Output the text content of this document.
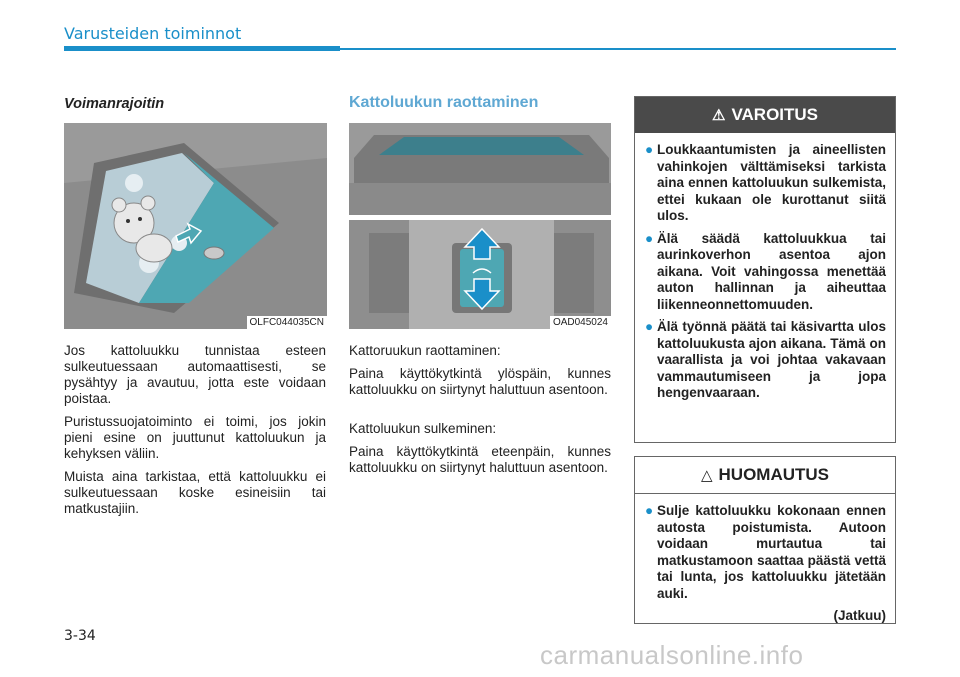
Varusteiden toiminnot
Voimanrajoitin
OLFC044035CN

Jos kattoluukku tunnistaa esteen sulkeutuessaan automaattisesti, se pysähtyy ja avautuu, jotta este voidaan poistaa.

Puristussuojatoiminto ei toimi, jos jokin pieni esine on juuttunut kattoluukun ja kehyksen väliin.

Muista aina tarkistaa, että kattoluukku ei sulkeutuessaan koske esineisiin tai matkustajiin.

Kattoluukun raottaminen
OAD045024

Kattoruukun raottaminen:

Paina käyttökytkintä ylöspäin, kunnes kattoluukku on siirtynyt haluttuun asentoon.

Kattoluukun sulkeminen:

Paina käyttökytkintä eteenpäin, kunnes kattoluukku on siirtynyt haluttuun asentoon.

⚠ VAROITUS
● Loukkaantumisten ja aineellisten vahinkojen välttämiseksi tarkista aina ennen kattoluukun sulkemista, ettei kukaan ole kurottanut siitä ulos.
● Älä säädä kattoluukkua tai aurinkoverhon asentoa ajon aikana. Voit vahingossa menettää auton hallinnan ja aiheuttaa liikenneonnettomuuden.
● Älä työnnä päätä tai käsivartta ulos kattoluukusta ajon aikana. Tämä on vaarallista ja voi johtaa vakavaan vammautumiseen ja jopa hengenvaaraan.
△ HUOMAUTUS
● Sulje kattoluukku kokonaan ennen autosta poistumista. Autoon voidaan murtautua tai matkustamoon saattaa päästä vettä tai lunta, jos kattoluukku jätetään auki.
(Jatkuu)
3-34
carmanualsonline.info
